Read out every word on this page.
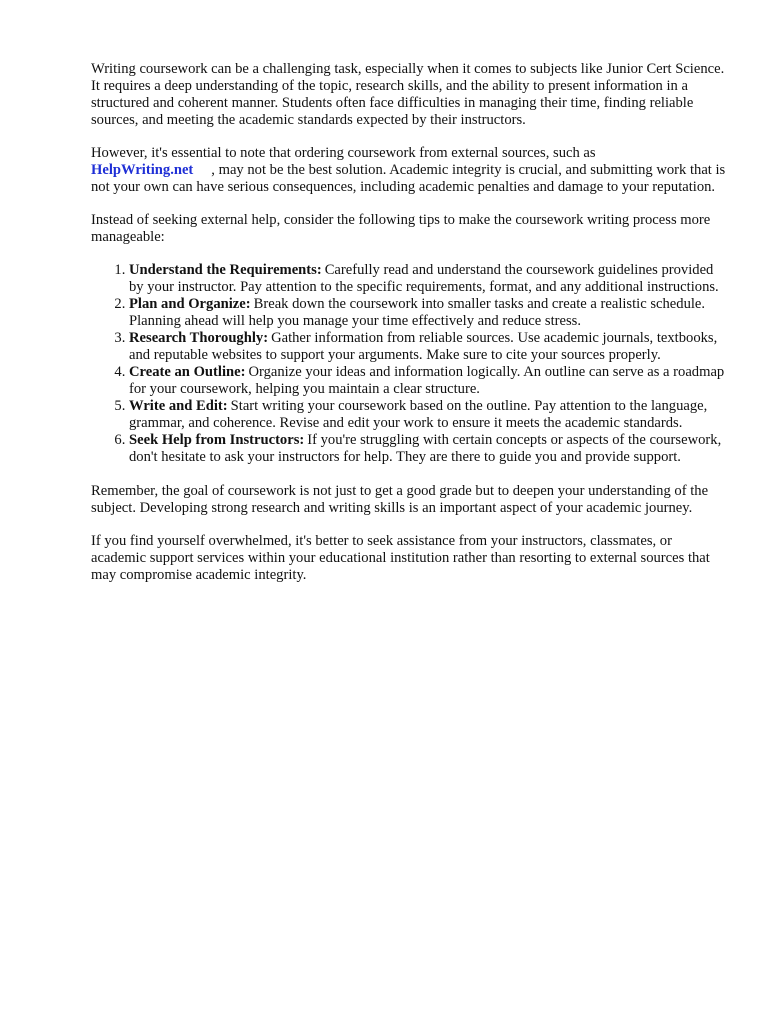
Writing coursework can be a challenging task, especially when it comes to subjects like Junior Cert Science. It requires a deep understanding of the topic, research skills, and the ability to present information in a structured and coherent manner. Students often face difficulties in managing their time, finding reliable sources, and meeting the academic standards expected by their instructors.

However, it's essential to note that ordering coursework from external sources, such as
HelpWriting.net , may not be the best solution. Academic integrity is crucial, and submitting work that is not your own can have serious consequences, including academic penalties and damage to your reputation.

Instead of seeking external help, consider the following tips to make the coursework writing process more manageable:

1. Understand the Requirements: Carefully read and understand the coursework guidelines provided by your instructor. Pay attention to the specific requirements, format, and any additional instructions.
2. Plan and Organize: Break down the coursework into smaller tasks and create a realistic schedule. Planning ahead will help you manage your time effectively and reduce stress.
3. Research Thoroughly: Gather information from reliable sources. Use academic journals, textbooks, and reputable websites to support your arguments. Make sure to cite your sources properly.
4. Create an Outline: Organize your ideas and information logically. An outline can serve as a roadmap for your coursework, helping you maintain a clear structure.
5. Write and Edit: Start writing your coursework based on the outline. Pay attention to the language, grammar, and coherence. Revise and edit your work to ensure it meets the academic standards.
6. Seek Help from Instructors: If you're struggling with certain concepts or aspects of the coursework, don't hesitate to ask your instructors for help. They are there to guide you and provide support.

Remember, the goal of coursework is not just to get a good grade but to deepen your understanding of the subject. Developing strong research and writing skills is an important aspect of your academic journey.

If you find yourself overwhelmed, it's better to seek assistance from your instructors, classmates, or academic support services within your educational institution rather than resorting to external sources that may compromise academic integrity.
